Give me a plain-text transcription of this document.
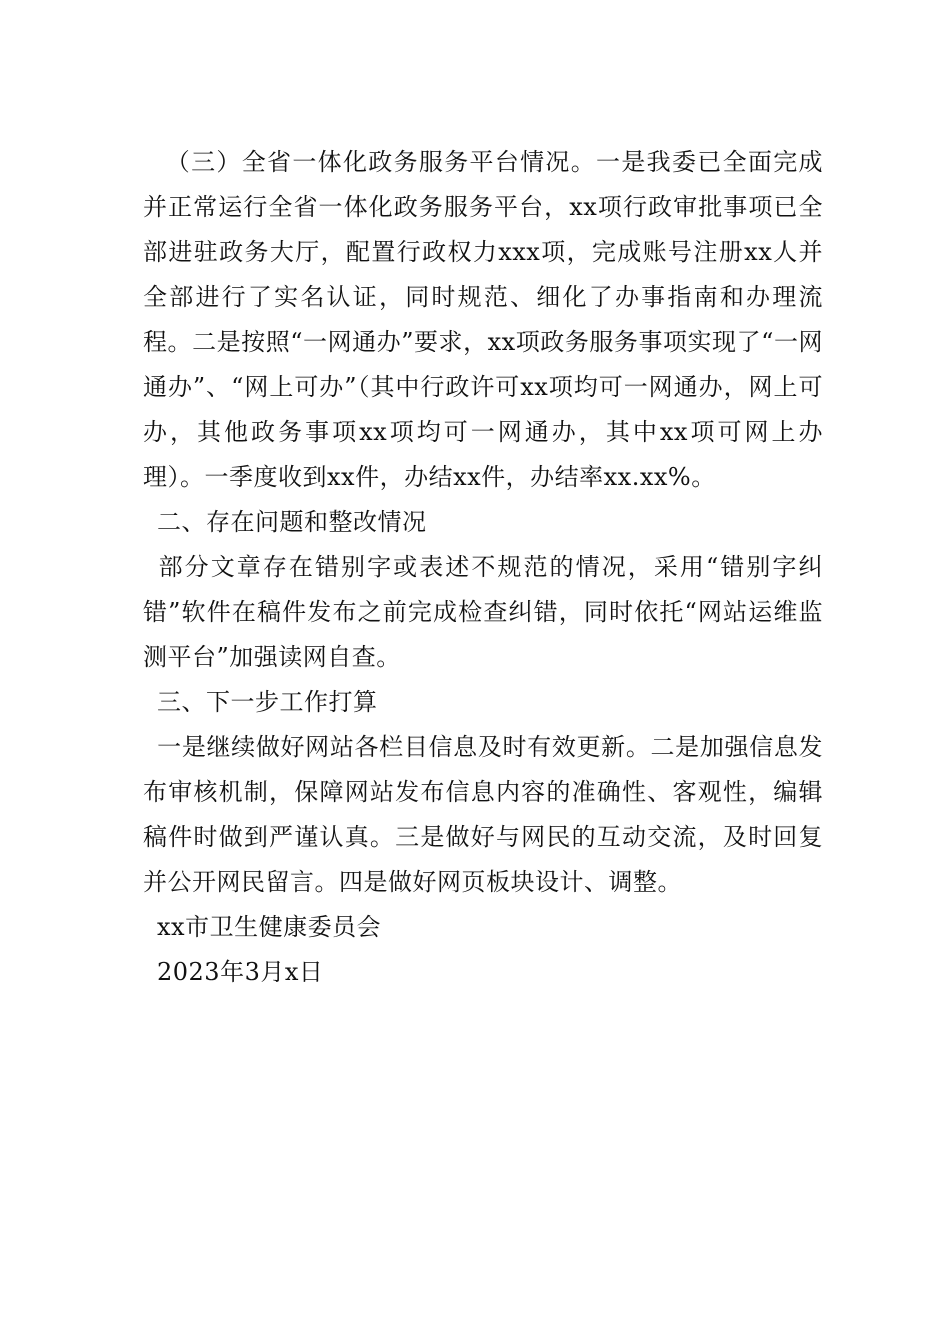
（三）全省一体化政务服务平台情况。一是我委已全面完成并正常运行全省一体化政务服务平台，xx项行政审批事项已全部进驻政务大厅，配置行政权力xxx项，完成账号注册xx人并全部进行了实名认证，同时规范、细化了办事指南和办理流程。二是按照“一网通办”要求，xx项政务服务事项实现了“一网通办”、“网上可办”（其中行政许可xx项均可一网通办，网上可办，其他政务事项xx项均可一网通办，其中xx项可网上办理）。一季度收到xx件，办结xx件，办结率xx.xx%。

二、存在问题和整改情况

部分文章存在错别字或表述不规范的情况，采用“错别字纠错”软件在稿件发布之前完成检查纠错，同时依托“网站运维监测平台”加强读网自查。

三、下一步工作打算

一是继续做好网站各栏目信息及时有效更新。二是加强信息发布审核机制，保障网站发布信息内容的准确性、客观性，编辑稿件时做到严谨认真。三是做好与网民的互动交流，及时回复并公开网民留言。四是做好网页板块设计、调整。

xx市卫生健康委员会

2023年3月x日
